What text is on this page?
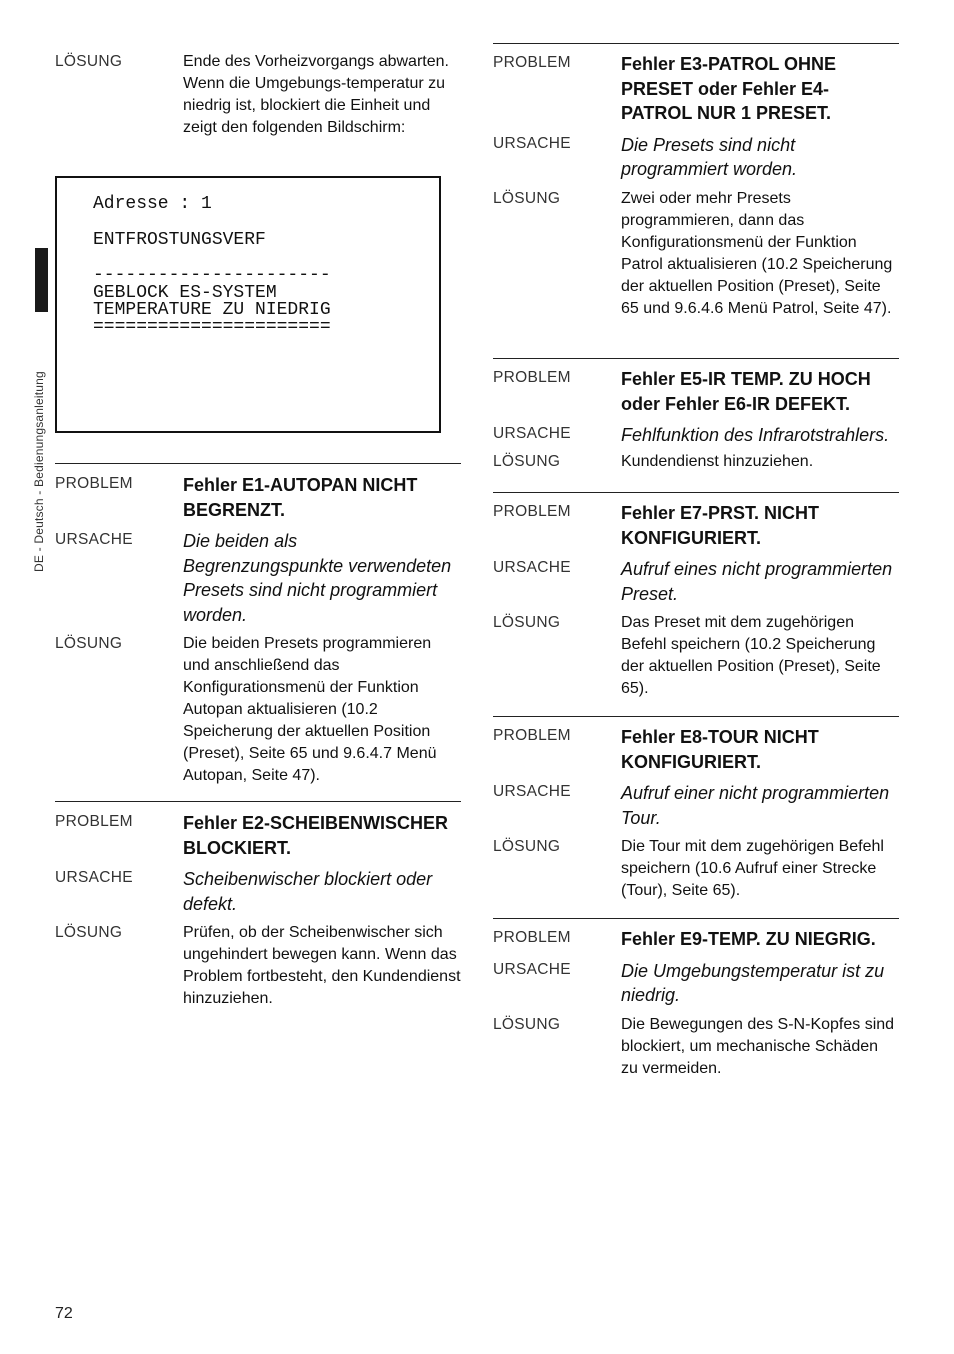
DE - Deutsch - Bedienungsanleitung
LÖSUNG	Ende des Vorheizvorgangs abwarten. Wenn die Umgebungs-temperatur zu niedrig ist, blockiert die Einheit und zeigt den folgenden Bildschirm:
Adresse : 1
ENTFROSTUNGSVERF
----------------------
GEBLOCK ES-SYSTEM
TEMPERATURE ZU NIEDRIG
======================
PROBLEM	Fehler E1-AUTOPAN NICHT BEGRENZT.
URSACHE	Die beiden als Begrenzungspunkte verwendeten Presets sind nicht programmiert worden.
LÖSUNG	Die beiden Presets programmieren und anschließend das Konfigurationsmenü der Funktion Autopan aktualisieren (10.2 Speicherung der aktuellen Position (Preset), Seite 65 und 9.6.4.7 Menü Autopan, Seite 47).
PROBLEM	Fehler E2-SCHEIBENWISCHER BLOCKIERT.
URSACHE	Scheibenwischer blockiert oder defekt.
LÖSUNG	Prüfen, ob der Scheibenwischer sich ungehindert bewegen kann. Wenn das Problem fortbesteht, den Kundendienst hinzuziehen.
PROBLEM	Fehler E3-PATROL OHNE PRESET oder Fehler E4-PATROL NUR 1 PRESET.
URSACHE	Die Presets sind nicht programmiert worden.
LÖSUNG	Zwei oder mehr Presets programmieren, dann das Konfigurationsmenü der Funktion Patrol aktualisieren (10.2 Speicherung der aktuellen Position (Preset), Seite 65 und 9.6.4.6 Menü Patrol, Seite 47).
PROBLEM	Fehler E5-IR TEMP. ZU HOCH oder Fehler E6-IR DEFEKT.
URSACHE	Fehlfunktion des Infrarotstrahlers.
LÖSUNG	Kundendienst hinzuziehen.
PROBLEM	Fehler E7-PRST. NICHT KONFIGURIERT.
URSACHE	Aufruf eines nicht programmierten Preset.
LÖSUNG	Das Preset mit dem zugehörigen Befehl speichern (10.2 Speicherung der aktuellen Position (Preset), Seite 65).
PROBLEM	Fehler E8-TOUR NICHT KONFIGURIERT.
URSACHE	Aufruf einer nicht programmierten Tour.
LÖSUNG	Die Tour mit dem zugehörigen Befehl speichern (10.6 Aufruf einer Strecke (Tour), Seite 65).
PROBLEM	Fehler E9-TEMP. ZU NIEGRIG.
URSACHE	Die Umgebungstemperatur ist zu niedrig.
LÖSUNG	Die Bewegungen des S-N-Kopfes sind blockiert, um mechanische Schäden zu vermeiden.
72
